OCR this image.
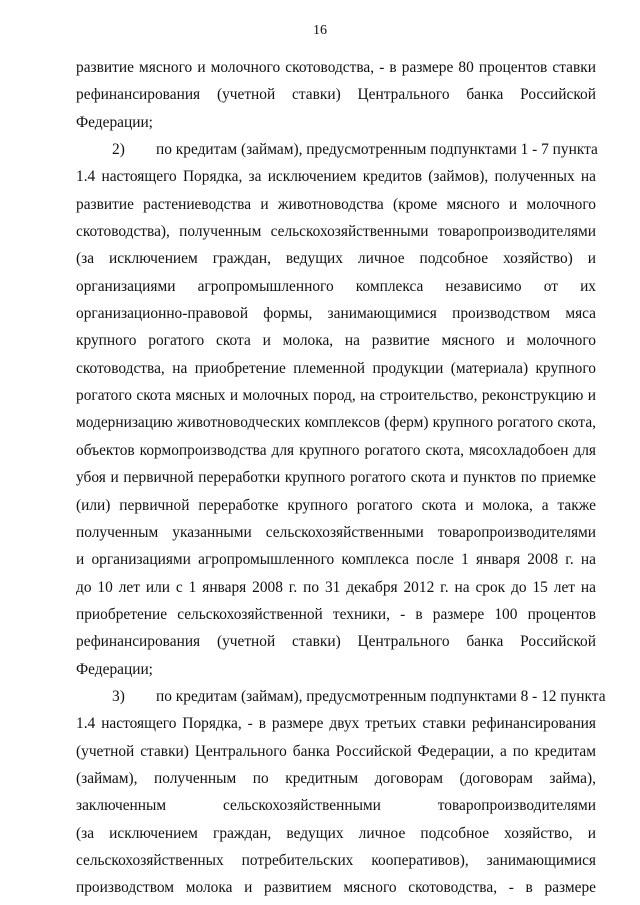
16
развитие мясного и молочного скотоводства, - в размере 80 процентов ставки
рефинансирования (учетной ставки) Центрального банка Российской
Федерации;
2) по кредитам (займам), предусмотренным подпунктами 1 - 7 пункта
1.4 настоящего Порядка, за исключением кредитов (займов), полученных на
развитие растениеводства и животноводства (кроме мясного и молочного
скотоводства), полученным сельскохозяйственными товаропроизводителями
(за исключением граждан, ведущих личное подсобное хозяйство) и
организациями агропромышленного комплекса независимо от их
организационно-правовой формы, занимающимися производством мяса
крупного рогатого скота и молока, на развитие мясного и молочного
скотоводства, на приобретение племенной продукции (материала) крупного
рогатого скота мясных и молочных пород, на строительство, реконструкцию и
модернизацию животноводческих комплексов (ферм) крупного рогатого скота,
объектов кормопроизводства для крупного рогатого скота, мясохладобоен для
убоя и первичной переработки крупного рогатого скота и пунктов по приемке
(или) первичной переработке крупного рогатого скота и молока, а также
полученным указанными сельскохозяйственными товаропроизводителями
и организациями агропромышленного комплекса после 1 января 2008 г. на
до 10 лет или с 1 января 2008 г. по 31 декабря 2012 г. на срок до 15 лет на
приобретение сельскохозяйственной техники, - в размере 100 процентов
рефинансирования (учетной ставки) Центрального банка Российской
Федерации;
3) по кредитам (займам), предусмотренным подпунктами 8 - 12 пункта
1.4 настоящего Порядка, - в размере двух третьих ставки рефинансирования
(учетной ставки) Центрального банка Российской Федерации, а по кредитам
(займам), полученным по кредитным договорам (договорам займа),
заключенным сельскохозяйственными товаропроизводителями
(за исключением граждан, ведущих личное подсобное хозяйство, и
сельскохозяйственных потребительских кооперативов), занимающимися
производством молока и развитием мясного скотоводства, - в размере
